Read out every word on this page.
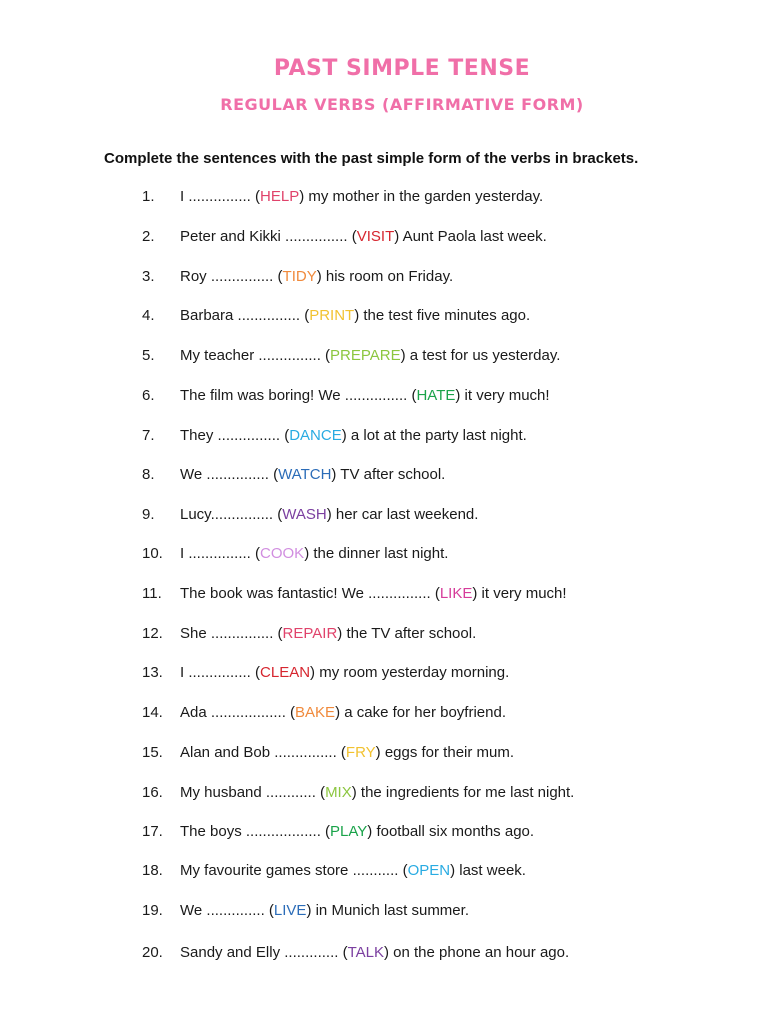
PAST SIMPLE TENSE
REGULAR VERBS (AFFIRMATIVE FORM)
Complete the sentences with the past simple form of the verbs in brackets.
1. I ............... (HELP) my mother in the garden yesterday.
2. Peter and Kikki ............... (VISIT) Aunt Paola last week.
3. Roy ............... (TIDY) his room on Friday.
4. Barbara ............... (PRINT) the test five minutes ago.
5. My teacher ............... (PREPARE) a test for us yesterday.
6. The film was boring! We ............... (HATE) it very much!
7. They ............... (DANCE) a lot at the party last night.
8. We ............... (WATCH) TV after school.
9. Lucy............... (WASH) her car last weekend.
10. I ............... (COOK) the dinner last night.
11. The book was fantastic! We ............... (LIKE) it very much!
12. She ............... (REPAIR) the TV after school.
13. I ............... (CLEAN) my room yesterday morning.
14. Ada .................. (BAKE) a cake for her boyfriend.
15. Alan and Bob ............... (FRY) eggs for their mum.
16. My husband ............ (MIX) the ingredients for me last night.
17. The boys .................. (PLAY) football six months ago.
18. My favourite games store ........... (OPEN) last week.
19. We .............. (LIVE) in Munich last summer.
20. Sandy and Elly ............. (TALK) on the phone an hour ago.
